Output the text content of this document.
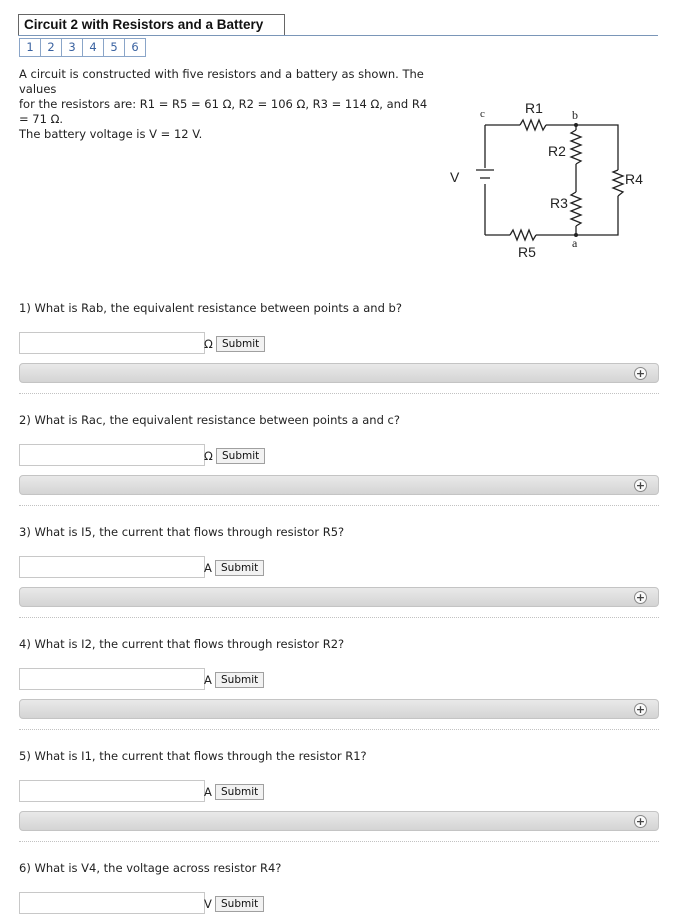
Circuit 2 with Resistors and a Battery
1	2	3	4	5	6

A circuit is constructed with five resistors and a battery as shown. The values

for the resistors are: R1 = R5 = 61 Ω, R2 = 106 Ω, R3 = 114 Ω, and R4 = 71 Ω.

The battery voltage is V = 12 V.

V
c	b
a
R1
R2
R3
R4
R5
1) What is Rab, the equivalent resistance between points a and b?
Ω Submit
+
2) What is Rac, the equivalent resistance between points a and c?
Ω Submit
+
3) What is I5, the current that flows through resistor R5?
A Submit
+
4) What is I2, the current that flows through resistor R2?
A Submit
+
5) What is I1, the current that flows through the resistor R1?
A Submit
+
6) What is V4, the voltage across resistor R4?
V Submit
